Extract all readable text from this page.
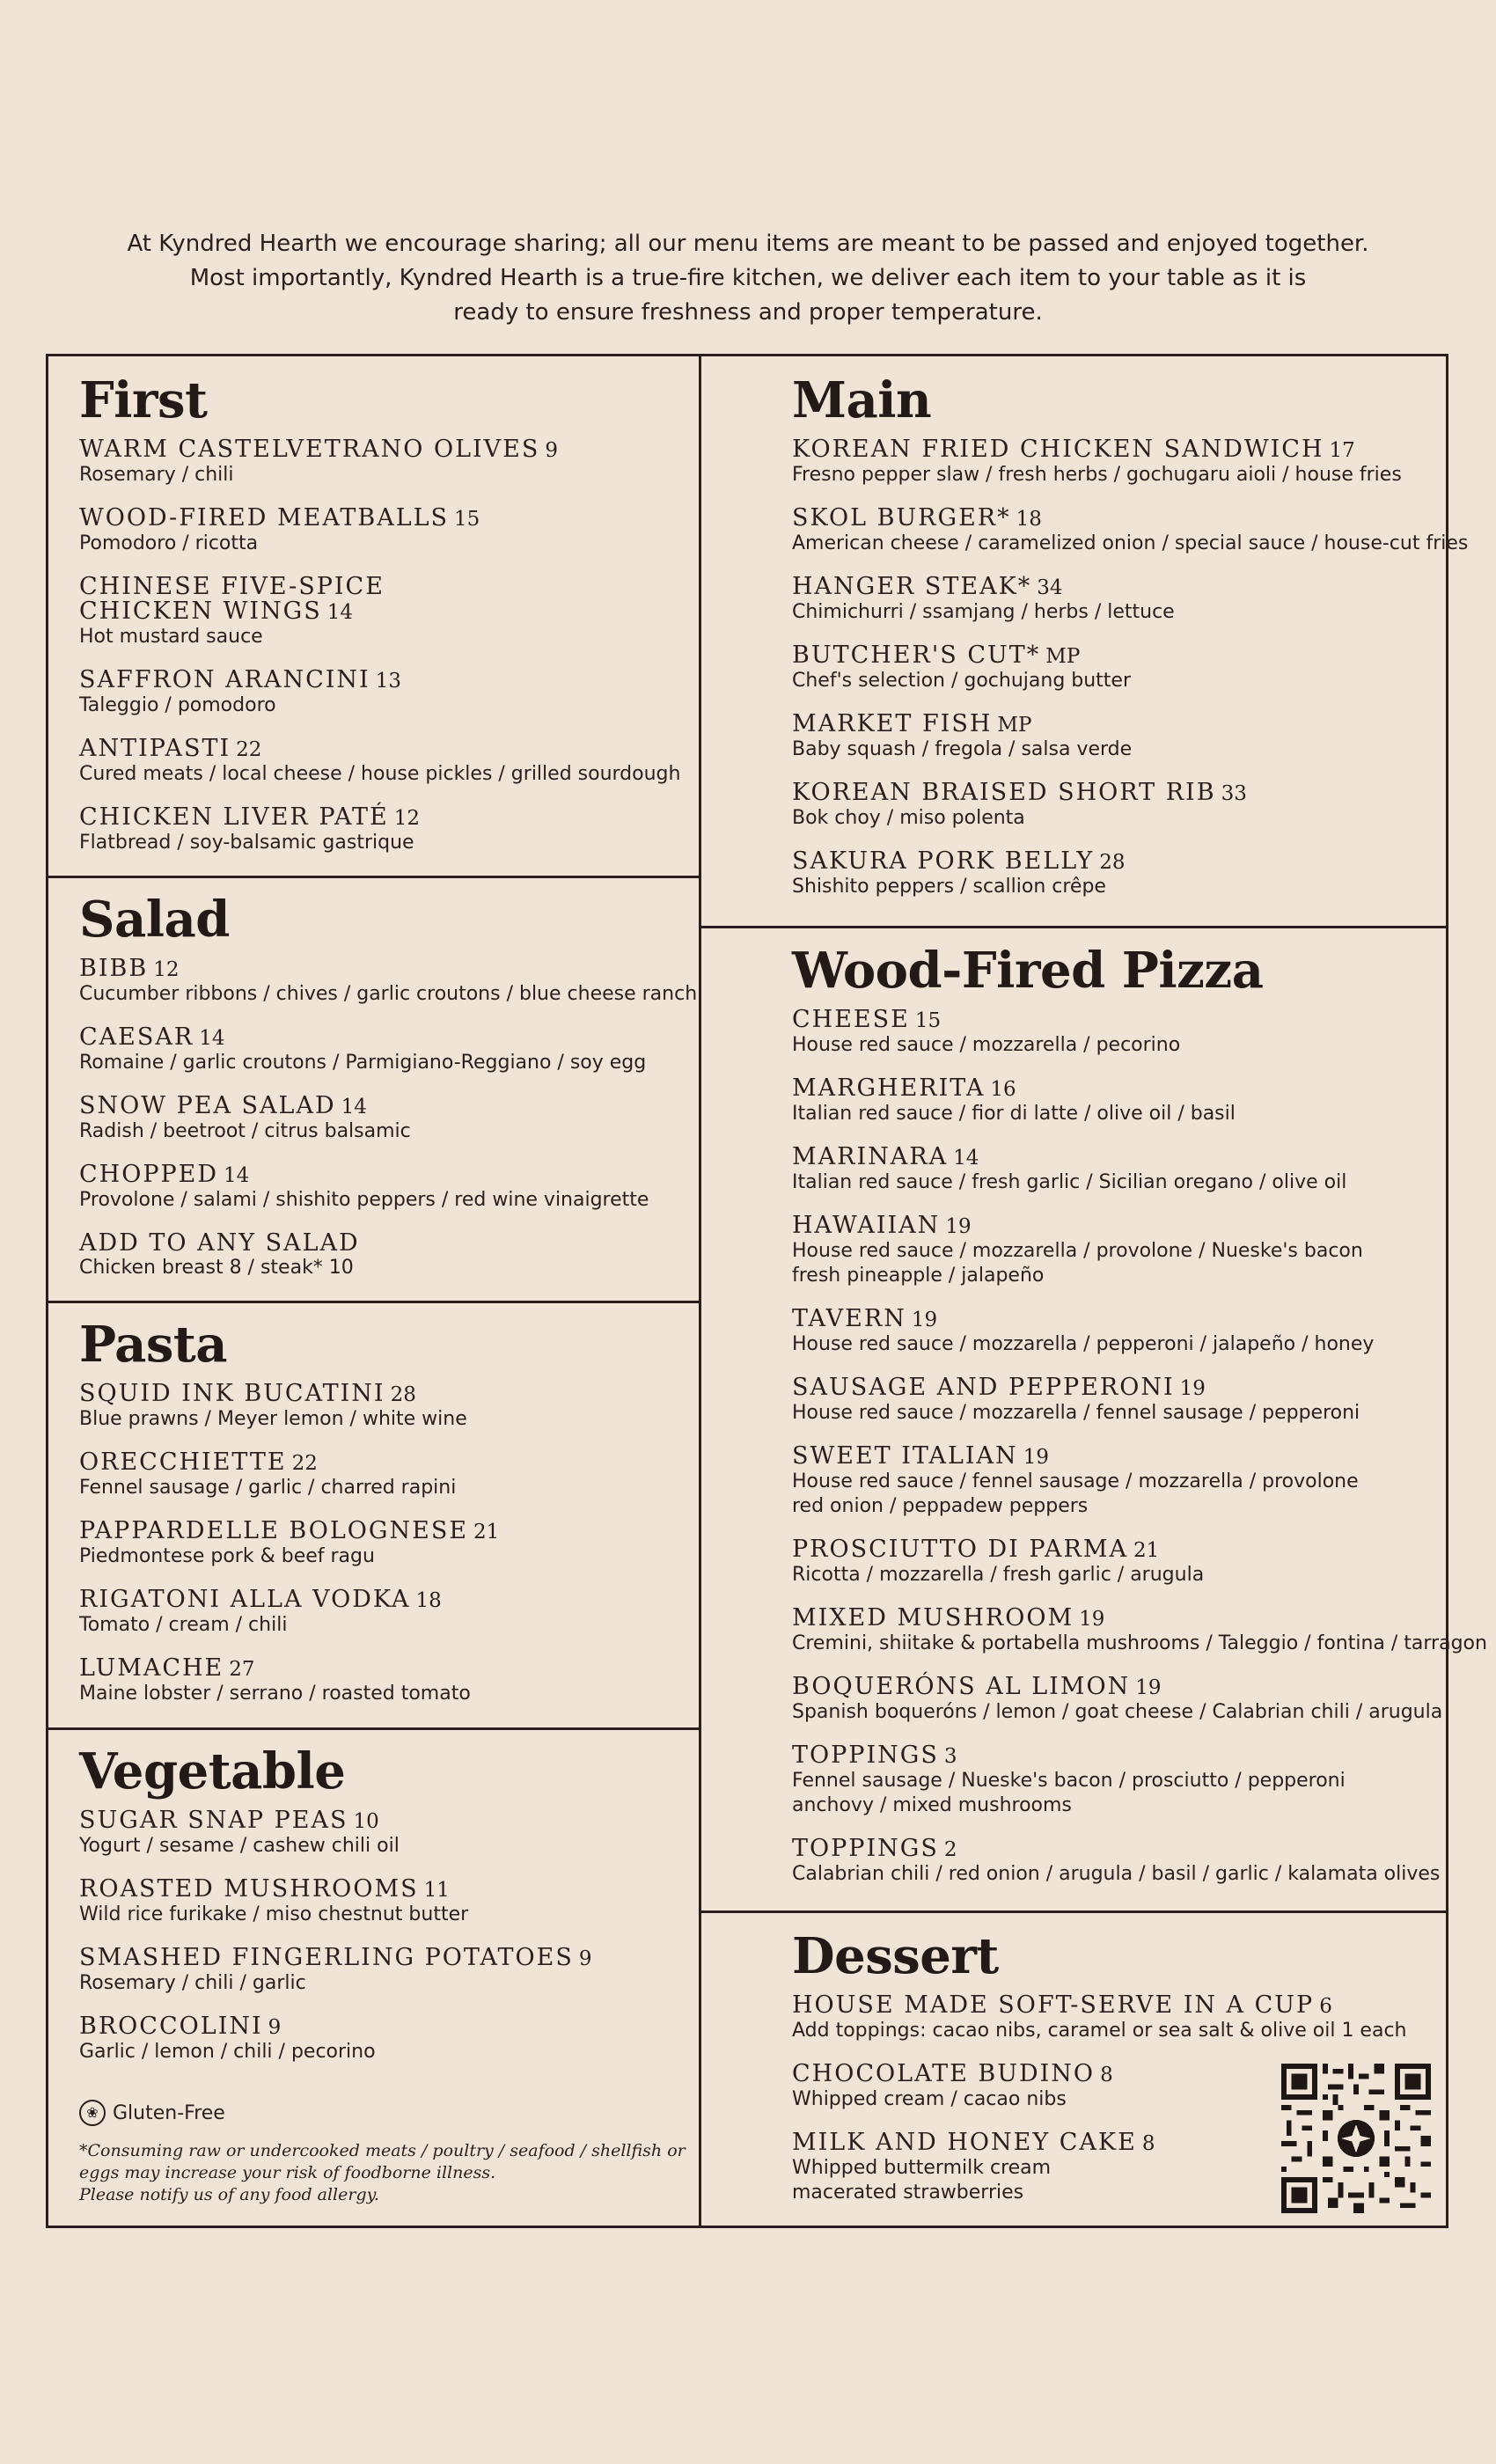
At Kyndred Hearth we encourage sharing; all our menu items are meant to be passed and enjoyed together.
Most importantly, Kyndred Hearth is a true-fire kitchen, we deliver each item to your table as it is
ready to ensure freshness and proper temperature.
First
WARM CASTELVETRANO OLIVES 9
Rosemary / chili
WOOD-FIRED MEATBALLS 15
Pomodoro / ricotta
CHINESE FIVE-SPICE
CHICKEN WINGS 14
Hot mustard sauce
SAFFRON ARANCINI 13
Taleggio / pomodoro
ANTIPASTI 22
Cured meats / local cheese / house pickles / grilled sourdough
CHICKEN LIVER PATÉ 12
Flatbread / soy-balsamic gastrique
Salad
BIBB 12
Cucumber ribbons / chives / garlic croutons / blue cheese ranch
CAESAR 14
Romaine / garlic croutons / Parmigiano-Reggiano / soy egg
SNOW PEA SALAD 14
Radish / beetroot / citrus balsamic
CHOPPED 14
Provolone / salami / shishito peppers / red wine vinaigrette
ADD TO ANY SALAD
Chicken breast 8 / steak* 10
Pasta
SQUID INK BUCATINI 28
Blue prawns / Meyer lemon / white wine
ORECCHIETTE 22
Fennel sausage / garlic / charred rapini
PAPPARDELLE BOLOGNESE 21
Piedmontese pork & beef ragu
RIGATONI ALLA VODKA 18
Tomato / cream / chili
LUMACHE 27
Maine lobster / serrano / roasted tomato
Vegetable
SUGAR SNAP PEAS 10
Yogurt / sesame / cashew chili oil
ROASTED MUSHROOMS 11
Wild rice furikake / miso chestnut butter
SMASHED FINGERLING POTATOES 9
Rosemary / chili / garlic
BROCCOLINI 9
Garlic / lemon / chili / pecorino
❀ Gluten-Free
*Consuming raw or undercooked meats / poultry / seafood / shellfish or
eggs may increase your risk of foodborne illness.
Please notify us of any food allergy.
Main
KOREAN FRIED CHICKEN SANDWICH 17
Fresno pepper slaw / fresh herbs / gochugaru aioli / house fries
SKOL BURGER* 18
American cheese / caramelized onion / special sauce / house-cut fries
HANGER STEAK* 34
Chimichurri / ssamjang / herbs / lettuce
BUTCHER'S CUT* MP
Chef's selection / gochujang butter
MARKET FISH MP
Baby squash / fregola / salsa verde
KOREAN BRAISED SHORT RIB 33
Bok choy / miso polenta
SAKURA PORK BELLY 28
Shishito peppers / scallion crêpe
Wood-Fired Pizza
CHEESE 15
House red sauce / mozzarella / pecorino
MARGHERITA 16
Italian red sauce / fior di latte / olive oil / basil
MARINARA 14
Italian red sauce / fresh garlic / Sicilian oregano / olive oil
HAWAIIAN 19
House red sauce / mozzarella / provolone / Nueske's bacon
fresh pineapple / jalapeño
TAVERN 19
House red sauce / mozzarella / pepperoni / jalapeño / honey
SAUSAGE AND PEPPERONI 19
House red sauce / mozzarella / fennel sausage / pepperoni
SWEET ITALIAN 19
House red sauce / fennel sausage / mozzarella / provolone
red onion / peppadew peppers
PROSCIUTTO DI PARMA 21
Ricotta / mozzarella / fresh garlic / arugula
MIXED MUSHROOM 19
Cremini, shiitake & portabella mushrooms / Taleggio / fontina / tarragon
BOQUERÓNS AL LIMON 19
Spanish boqueróns / lemon / goat cheese / Calabrian chili / arugula
TOPPINGS 3
Fennel sausage / Nueske's bacon / prosciutto / pepperoni
anchovy / mixed mushrooms
TOPPINGS 2
Calabrian chili / red onion / arugula / basil / garlic / kalamata olives
Dessert
HOUSE MADE SOFT-SERVE IN A CUP 6
Add toppings: cacao nibs, caramel or sea salt & olive oil 1 each
CHOCOLATE BUDINO 8
Whipped cream / cacao nibs
MILK AND HONEY CAKE 8
Whipped buttermilk cream
macerated strawberries
